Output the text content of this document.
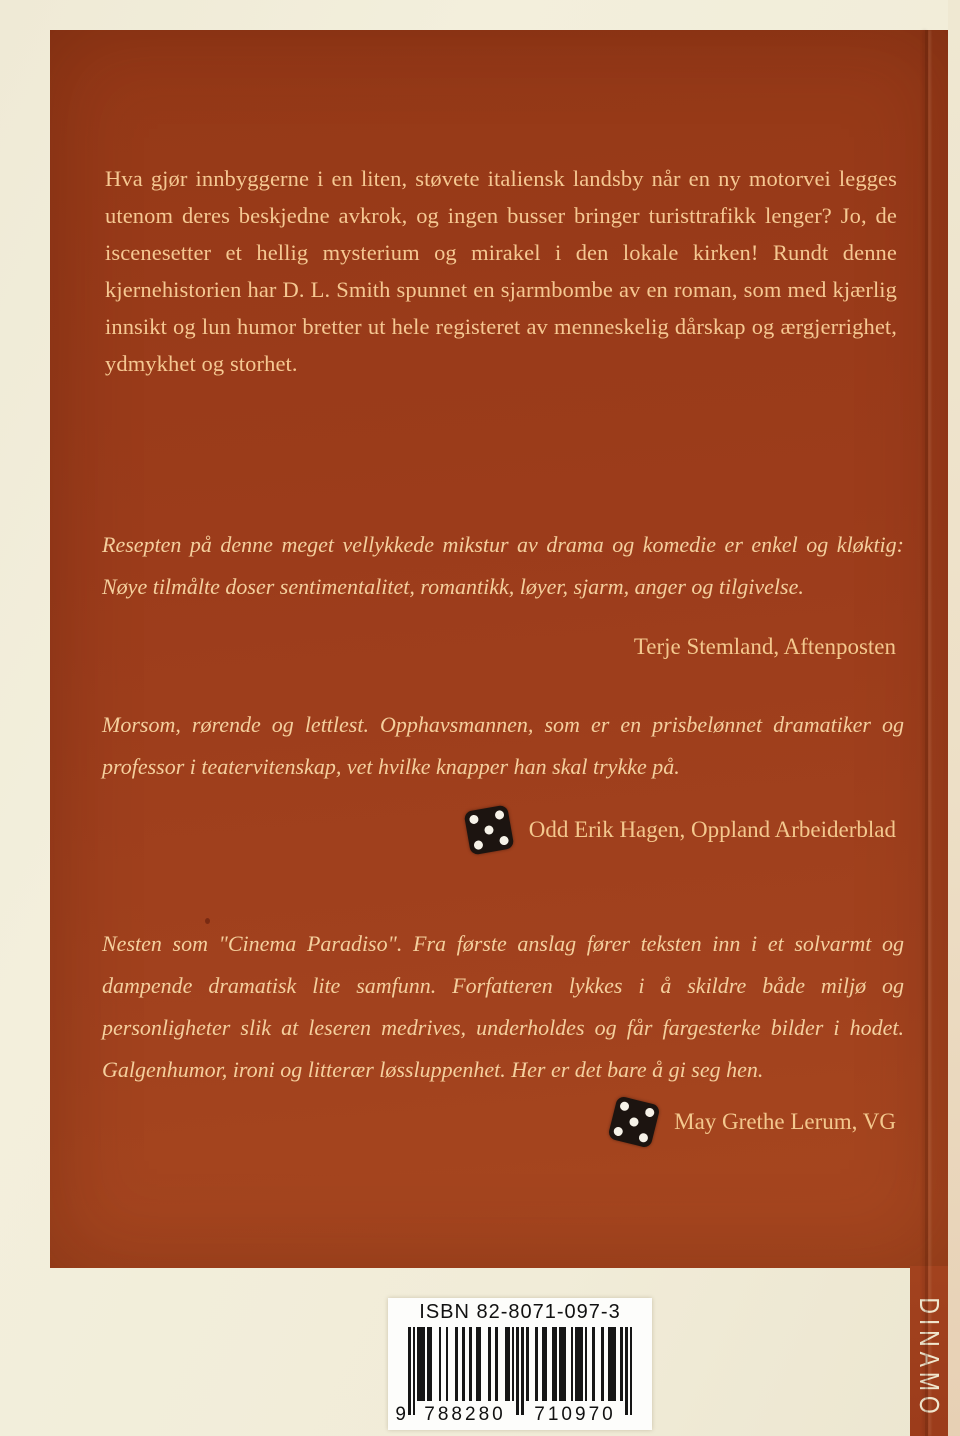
Hva gjør innbyggerne i en liten, støvete italiensk landsby når en ny motorvei legges utenom deres beskjedne avkrok, og ingen busser bringer turisttrafikk lenger? Jo, de iscenesetter et hellig mysterium og mirakel i den lokale kirken! Rundt denne kjernehistorien har D. L. Smith spunnet en sjarmbombe av en roman, som med kjærlig innsikt og lun humor bretter ut hele registeret av menneskelig dårskap og ærgjerrighet, ydmykhet og storhet.

Resepten på denne meget vellykkede mikstur av drama og komedie er enkel og kløktig: Nøye tilmålte doser sentimentalitet, romantikk, løyer, sjarm, anger og tilgivelse.

Terje Stemland, Aftenposten

Morsom, rørende og lettlest. Opphavsmannen, som er en prisbelønnet dramatiker og professor i teatervitenskap, vet hvilke knapper han skal trykke på.

Odd Erik Hagen, Oppland Arbeiderblad

Nesten som "Cinema Paradiso". Fra første anslag fører teksten inn i et solvarmt og dampende dramatisk lite samfunn. Forfatteren lykkes i å skildre både miljø og personligheter slik at leseren medrives, underholdes og får fargesterke bilder i hodet. Galgenhumor, ironi og litterær løssluppenhet. Her er det bare å gi seg hen.

May Grethe Lerum, VG
DINAMO
ISBN 82-8071-097-3
9 788280	710970
